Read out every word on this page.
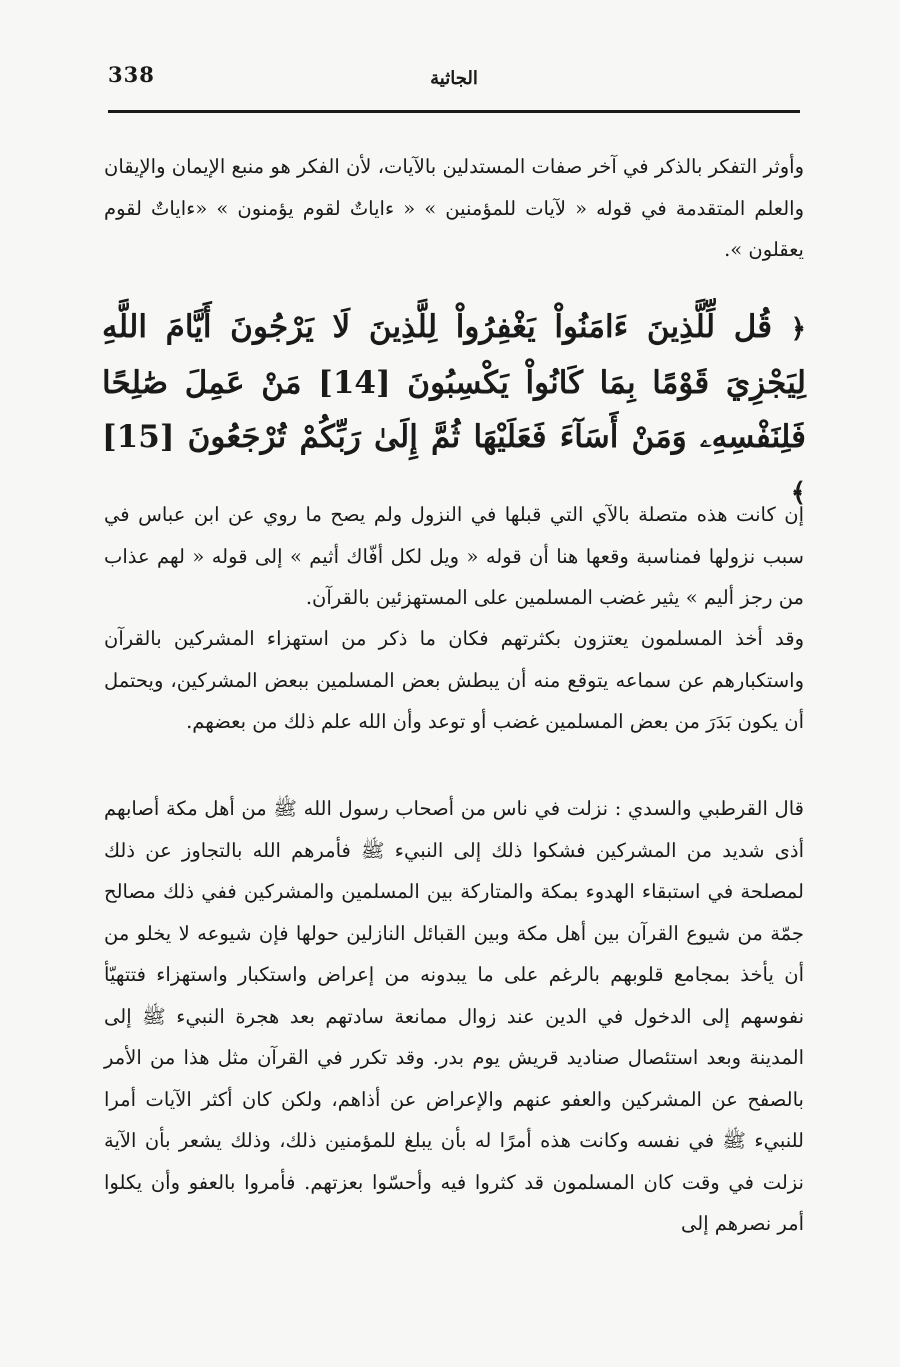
338	الجاثية

وأوثر التفكر بالذكر في آخر صفات المستدلين بالآيات، لأن الفكر هو منبع الإيمان والإيقان والعلم المتقدمة في قوله « لآيات للمؤمنين » « ءاياتٌ لقوم يؤمنون » «ءاياتٌ لقوم يعقلون ».

﴿ قُل لِّلَّذِينَ ءَامَنُواْ يَغْفِرُواْ لِلَّذِينَ لَا يَرْجُونَ أَيَّامَ اللَّهِ لِيَجْزِيَ قَوْمًا بِمَا كَانُواْ يَكْسِبُونَ [14] مَنْ عَمِلَ صَٰلِحًا فَلِنَفْسِهِۦ وَمَنْ أَسَآءَ فَعَلَيْهَا ثُمَّ إِلَىٰ رَبِّكُمْ تُرْجَعُونَ [15] ﴾

إن كانت هذه متصلة بالآي التي قبلها في النزول ولم يصح ما روي عن ابن عباس في سبب نزولها فمناسبة وقعها هنا أن قوله « ويل لكل أفّاك أثيم » إلى قوله « لهم عذاب من رجز أليم » يثير غضب المسلمين على المستهزئين بالقرآن.

وقد أخذ المسلمون يعتزون بكثرتهم فكان ما ذكر من استهزاء المشركين بالقرآن واستكبارهم عن سماعه يتوقع منه أن يبطش بعض المسلمين ببعض المشركين، ويحتمل أن يكون بَدَرَ من بعض المسلمين غضب أو توعد وأن الله علم ذلك من بعضهم.

قال القرطبي والسدي : نزلت في ناس من أصحاب رسول الله ﷺ من أهل مكة أصابهم أذى شديد من المشركين فشكوا ذلك إلى النبيء ﷺ فأمرهم الله بالتجاوز عن ذلك لمصلحة في استبقاء الهدوء بمكة والمتاركة بين المسلمين والمشركين ففي ذلك مصالح جمّة من شيوع القرآن بين أهل مكة وبين القبائل النازلين حولها فإن شيوعه لا يخلو من أن يأخذ بمجامع قلوبهم بالرغم على ما يبدونه من إعراض واستكبار واستهزاء فتتهيّأ نفوسهم إلى الدخول في الدين عند زوال ممانعة سادتهم بعد هجرة النبيء ﷺ إلى المدينة وبعد استئصال صناديد قريش يوم بدر. وقد تكرر في القرآن مثل هذا من الأمر بالصفح عن المشركين والعفو عنهم والإعراض عن أذاهم، ولكن كان أكثر الآيات أمرا للنبيء ﷺ في نفسه وكانت هذه أمرًا له بأن يبلغ للمؤمنين ذلك، وذلك يشعر بأن الآية نزلت في وقت كان المسلمون قد كثروا فيه وأحسّوا بعزتهم. فأمروا بالعفو وأن يكلوا أمر نصرهم إلى
